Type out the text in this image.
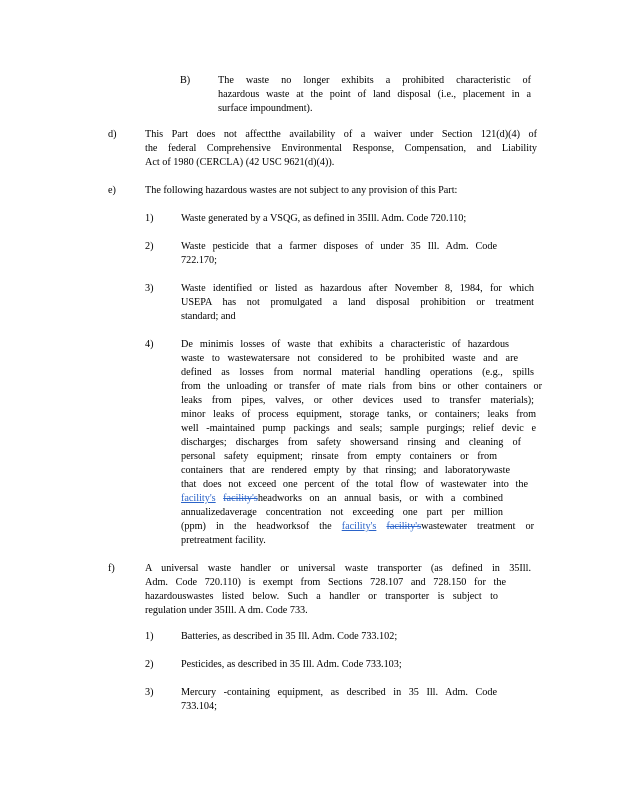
B)	The waste no longer exhibits a prohibited characteristic of
hazardous waste at the point of land disposal (i.e., placement in a
surface impoundment).
d)	This Part does not affectthe availability of a waiver under Section 121(d)(4) of
the federal Comprehensive Environmental Response, Compensation, and Liability
Act of 1980 (CERCLA) (42 USC 9621(d)(4)).
e)	The following hazardous wastes are not subject to any provision of this Part:
1)	Waste generated by a VSQG, as defined in 35Ill. Adm. Code 720.110;
2)	Waste pesticide that a farmer disposes of under 35 Ill. Adm. Code
722.170;
3)	Waste identified or listed as hazardous after November 8, 1984, for which
USEPA has not promulgated a land disposal prohibition or treatment
standard; and
4)	De minimis losses of waste that exhibits a characteristic of hazardous
waste to wastewatersare not considered to be prohibited waste and are
defined as losses from normal material handling operations (e.g., spills
from the unloading or transfer of mate rials from bins or other containers or
leaks from pipes, valves, or other devices used to transfer materials);
minor leaks of process equipment, storage tanks, or containers; leaks from
well -maintained pump packings and seals; sample purgings; relief devic e
discharges; discharges from safety showersand rinsing and cleaning of
personal safety equipment; rinsate from empty containers or from
containers that are rendered empty by that rinsing; and laboratorywaste
that does not exceed one percent of the total flow of wastewater into the
facility's facility'sheadworks on an annual basis, or with a combined
annualizedaverage concentration not exceeding one part per million
(ppm) in the headworksof the facility's facility'swastewater treatment or
pretreatment facility.
f)	A universal waste handler or universal waste transporter (as defined in 35Ill.
Adm. Code 720.110) is exempt from Sections 728.107 and 728.150 for the
hazardouswastes listed below. Such a handler or transporter is subject to
regulation under 35Ill. A dm. Code 733.
1)	Batteries, as described in 35 Ill. Adm. Code 733.102;
2)	Pesticides, as described in 35 Ill. Adm. Code 733.103;
3)	Mercury -containing equipment, as described in 35 Ill. Adm. Code
733.104;
